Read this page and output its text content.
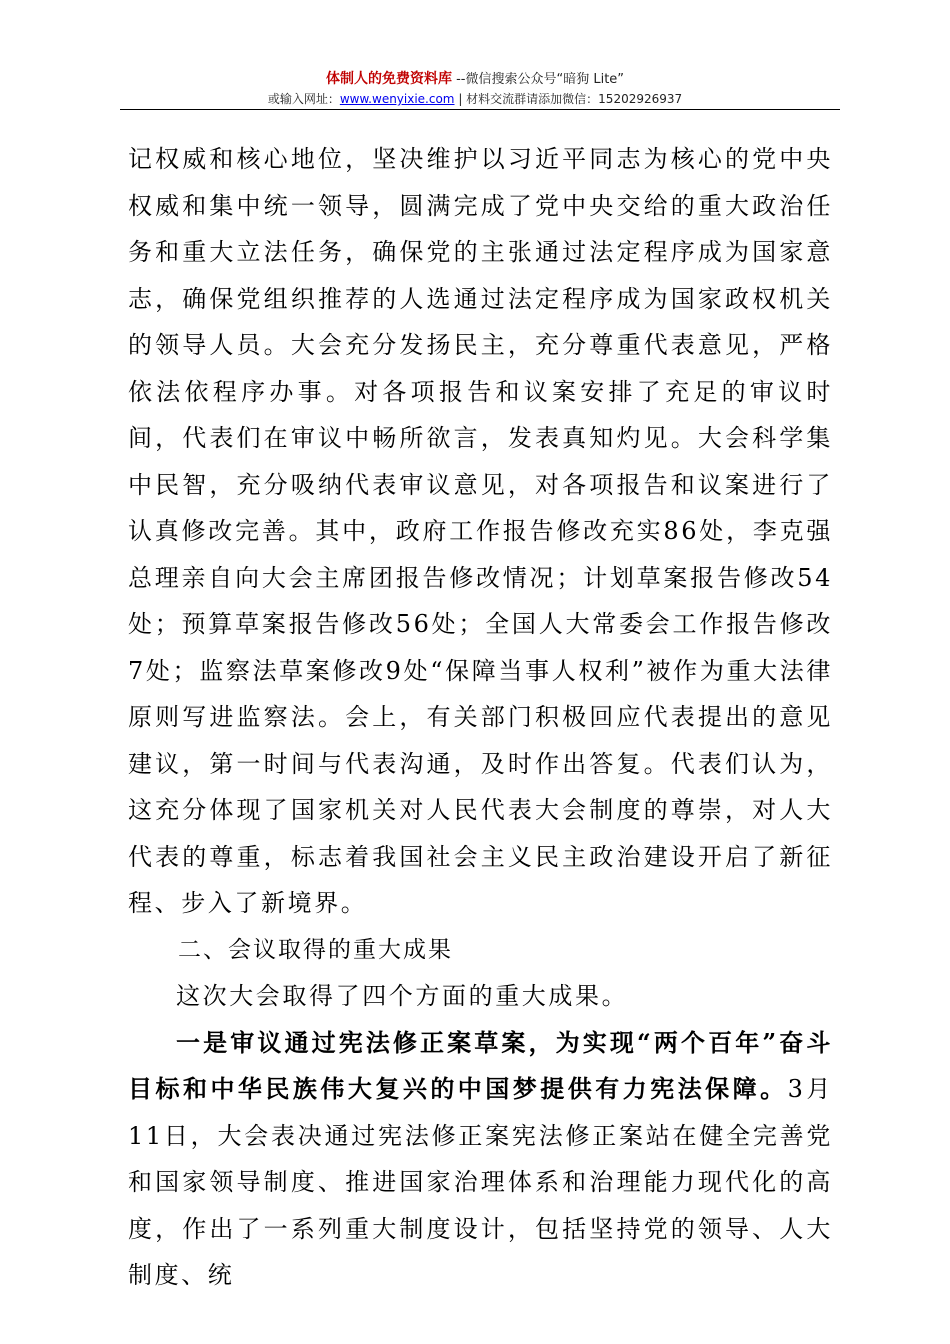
体制人的免费资料库 --微信搜索公众号“暗狗 Lite”
或输入网址：www.wenyixie.com | 材料交流群请添加微信：15202926937

记权威和核心地位，坚决维护以习近平同志为核心的党中央权威和集中统一领导，圆满完成了党中央交给的重大政治任务和重大立法任务，确保党的主张通过法定程序成为国家意志，确保党组织推荐的人选通过法定程序成为国家政权机关的领导人员。大会充分发扬民主，充分尊重代表意见，严格依法依程序办事。对各项报告和议案安排了充足的审议时间，代表们在审议中畅所欲言，发表真知灼见。大会科学集中民智，充分吸纳代表审议意见，对各项报告和议案进行了认真修改完善。其中，政府工作报告修改充实86处，李克强总理亲自向大会主席团报告修改情况；计划草案报告修改54处；预算草案报告修改56处；全国人大常委会工作报告修改7处；监察法草案修改9处“保障当事人权利”被作为重大法律原则写进监察法。会上，有关部门积极回应代表提出的意见建议，第一时间与代表沟通，及时作出答复。代表们认为，这充分体现了国家机关对人民代表大会制度的尊崇，对人大代表的尊重，标志着我国社会主义民主政治建设开启了新征程、步入了新境界。

二、会议取得的重大成果

这次大会取得了四个方面的重大成果。

一是审议通过宪法修正案草案，为实现“两个百年”奋斗目标和中华民族伟大复兴的中国梦提供有力宪法保障。3月11日，大会表决通过宪法修正案宪法修正案站在健全完善党和国家领导制度、推进国家治理体系和治理能力现代化的高度，作出了一系列重大制度设计，包括坚持党的领导、人大制度、统
